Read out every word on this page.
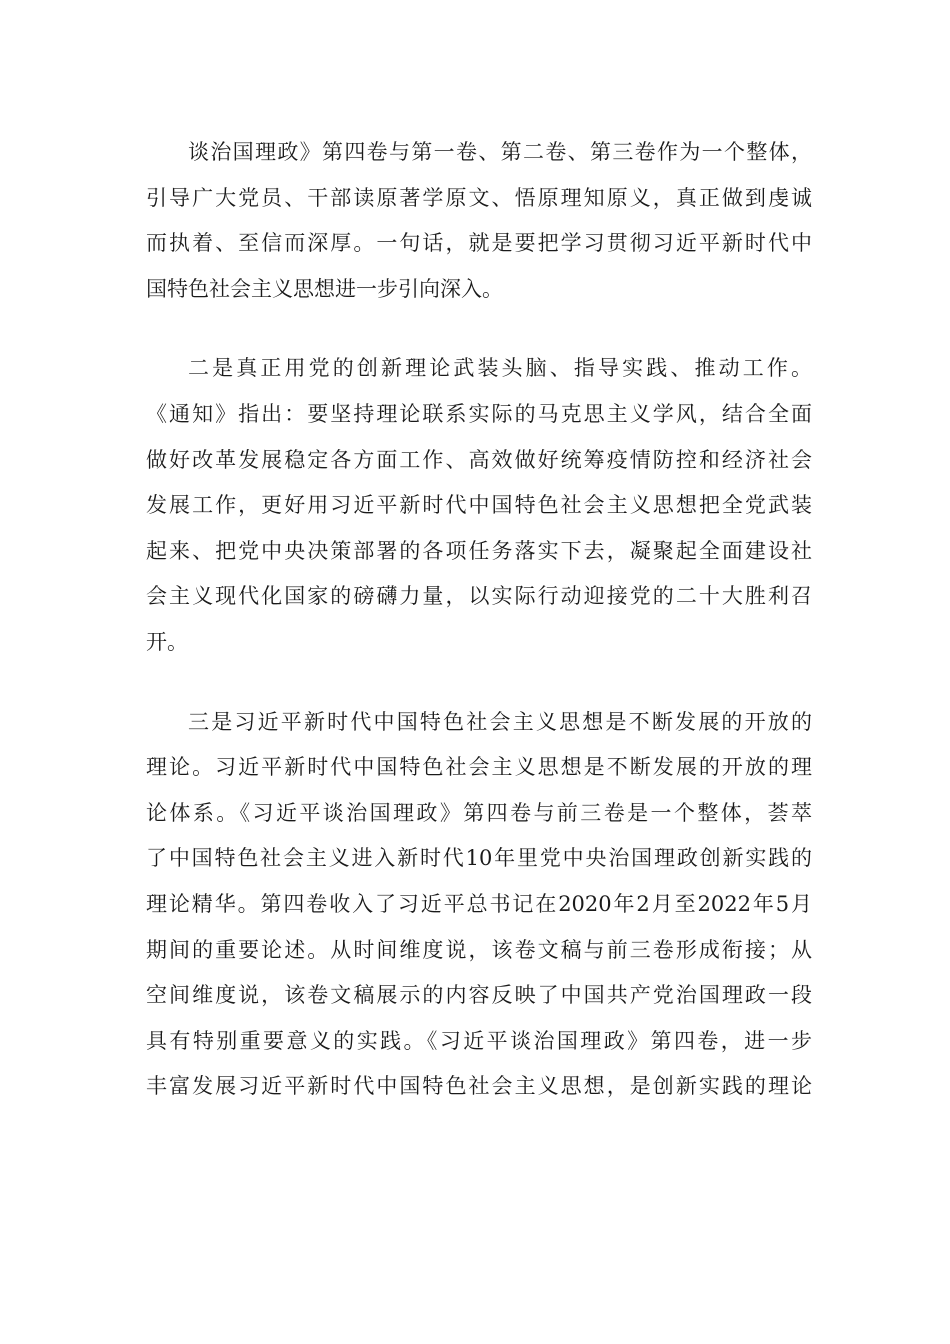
谈治国理政》第四卷与第一卷、第二卷、第三卷作为一个整体，
引导广大党员、干部读原著学原文、悟原理知原义，真正做到虔诚
而执着、至信而深厚。一句话，就是要把学习贯彻习近平新时代中
国特色社会主义思想进一步引向深入。
二是真正用党的创新理论武装头脑、指导实践、推动工作。
《通知》指出：要坚持理论联系实际的马克思主义学风，结合全面
做好改革发展稳定各方面工作、高效做好统筹疫情防控和经济社会
发展工作，更好用习近平新时代中国特色社会主义思想把全党武装
起来、把党中央决策部署的各项任务落实下去，凝聚起全面建设社
会主义现代化国家的磅礴力量，以实际行动迎接党的二十大胜利召
开。
三是习近平新时代中国特色社会主义思想是不断发展的开放的
理论。习近平新时代中国特色社会主义思想是不断发展的开放的理
论体系。《习近平谈治国理政》第四卷与前三卷是一个整体，荟萃
了中国特色社会主义进入新时代10年里党中央治国理政创新实践的
理论精华。第四卷收入了习近平总书记在2020年2月至2022年5月
期间的重要论述。从时间维度说，该卷文稿与前三卷形成衔接；从
空间维度说，该卷文稿展示的内容反映了中国共产党治国理政一段
具有特别重要意义的实践。《习近平谈治国理政》第四卷，进一步
丰富发展习近平新时代中国特色社会主义思想，是创新实践的理论
